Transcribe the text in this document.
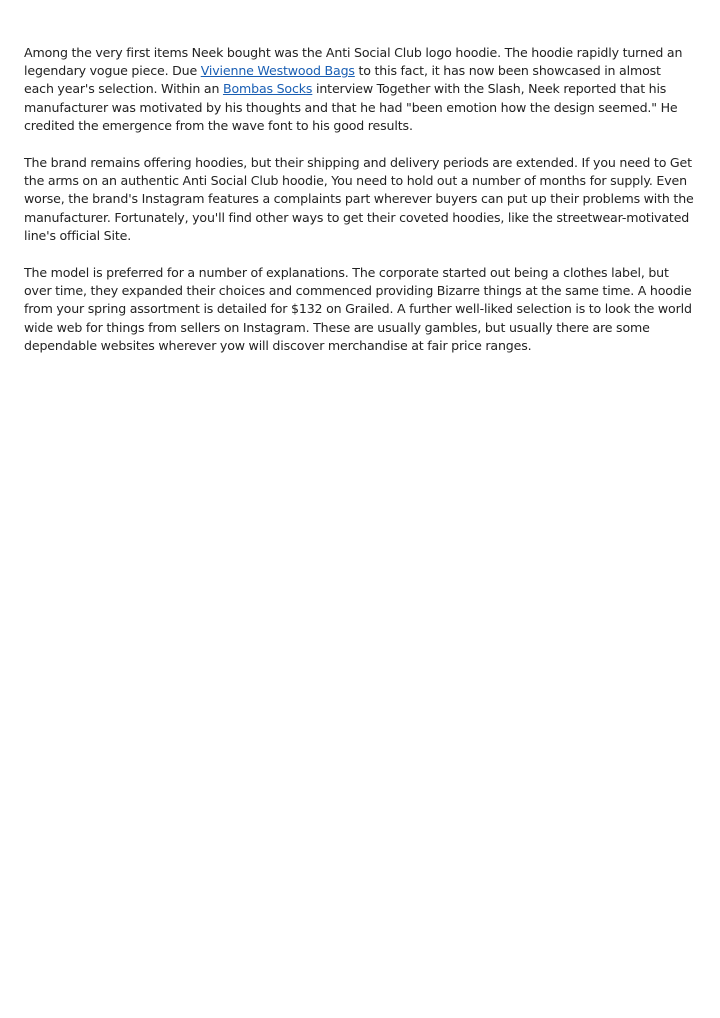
Among the very first items Neek bought was the Anti Social Club logo hoodie. The hoodie rapidly turned an legendary vogue piece. Due Vivienne Westwood Bags to this fact, it has now been showcased in almost each year's selection. Within an Bombas Socks interview Together with the Slash, Neek reported that his manufacturer was motivated by his thoughts and that he had "been emotion how the design seemed." He credited the emergence from the wave font to his good results.

The brand remains offering hoodies, but their shipping and delivery periods are extended. If you need to Get the arms on an authentic Anti Social Club hoodie, You need to hold out a number of months for supply. Even worse, the brand's Instagram features a complaints part wherever buyers can put up their problems with the manufacturer. Fortunately, you'll find other ways to get their coveted hoodies, like the streetwear-motivated line's official Site.

The model is preferred for a number of explanations. The corporate started out being a clothes label, but over time, they expanded their choices and commenced providing Bizarre things at the same time. A hoodie from your spring assortment is detailed for $132 on Grailed. A further well-liked selection is to look the world wide web for things from sellers on Instagram. These are usually gambles, but usually there are some dependable websites wherever yow will discover merchandise at fair price ranges.
